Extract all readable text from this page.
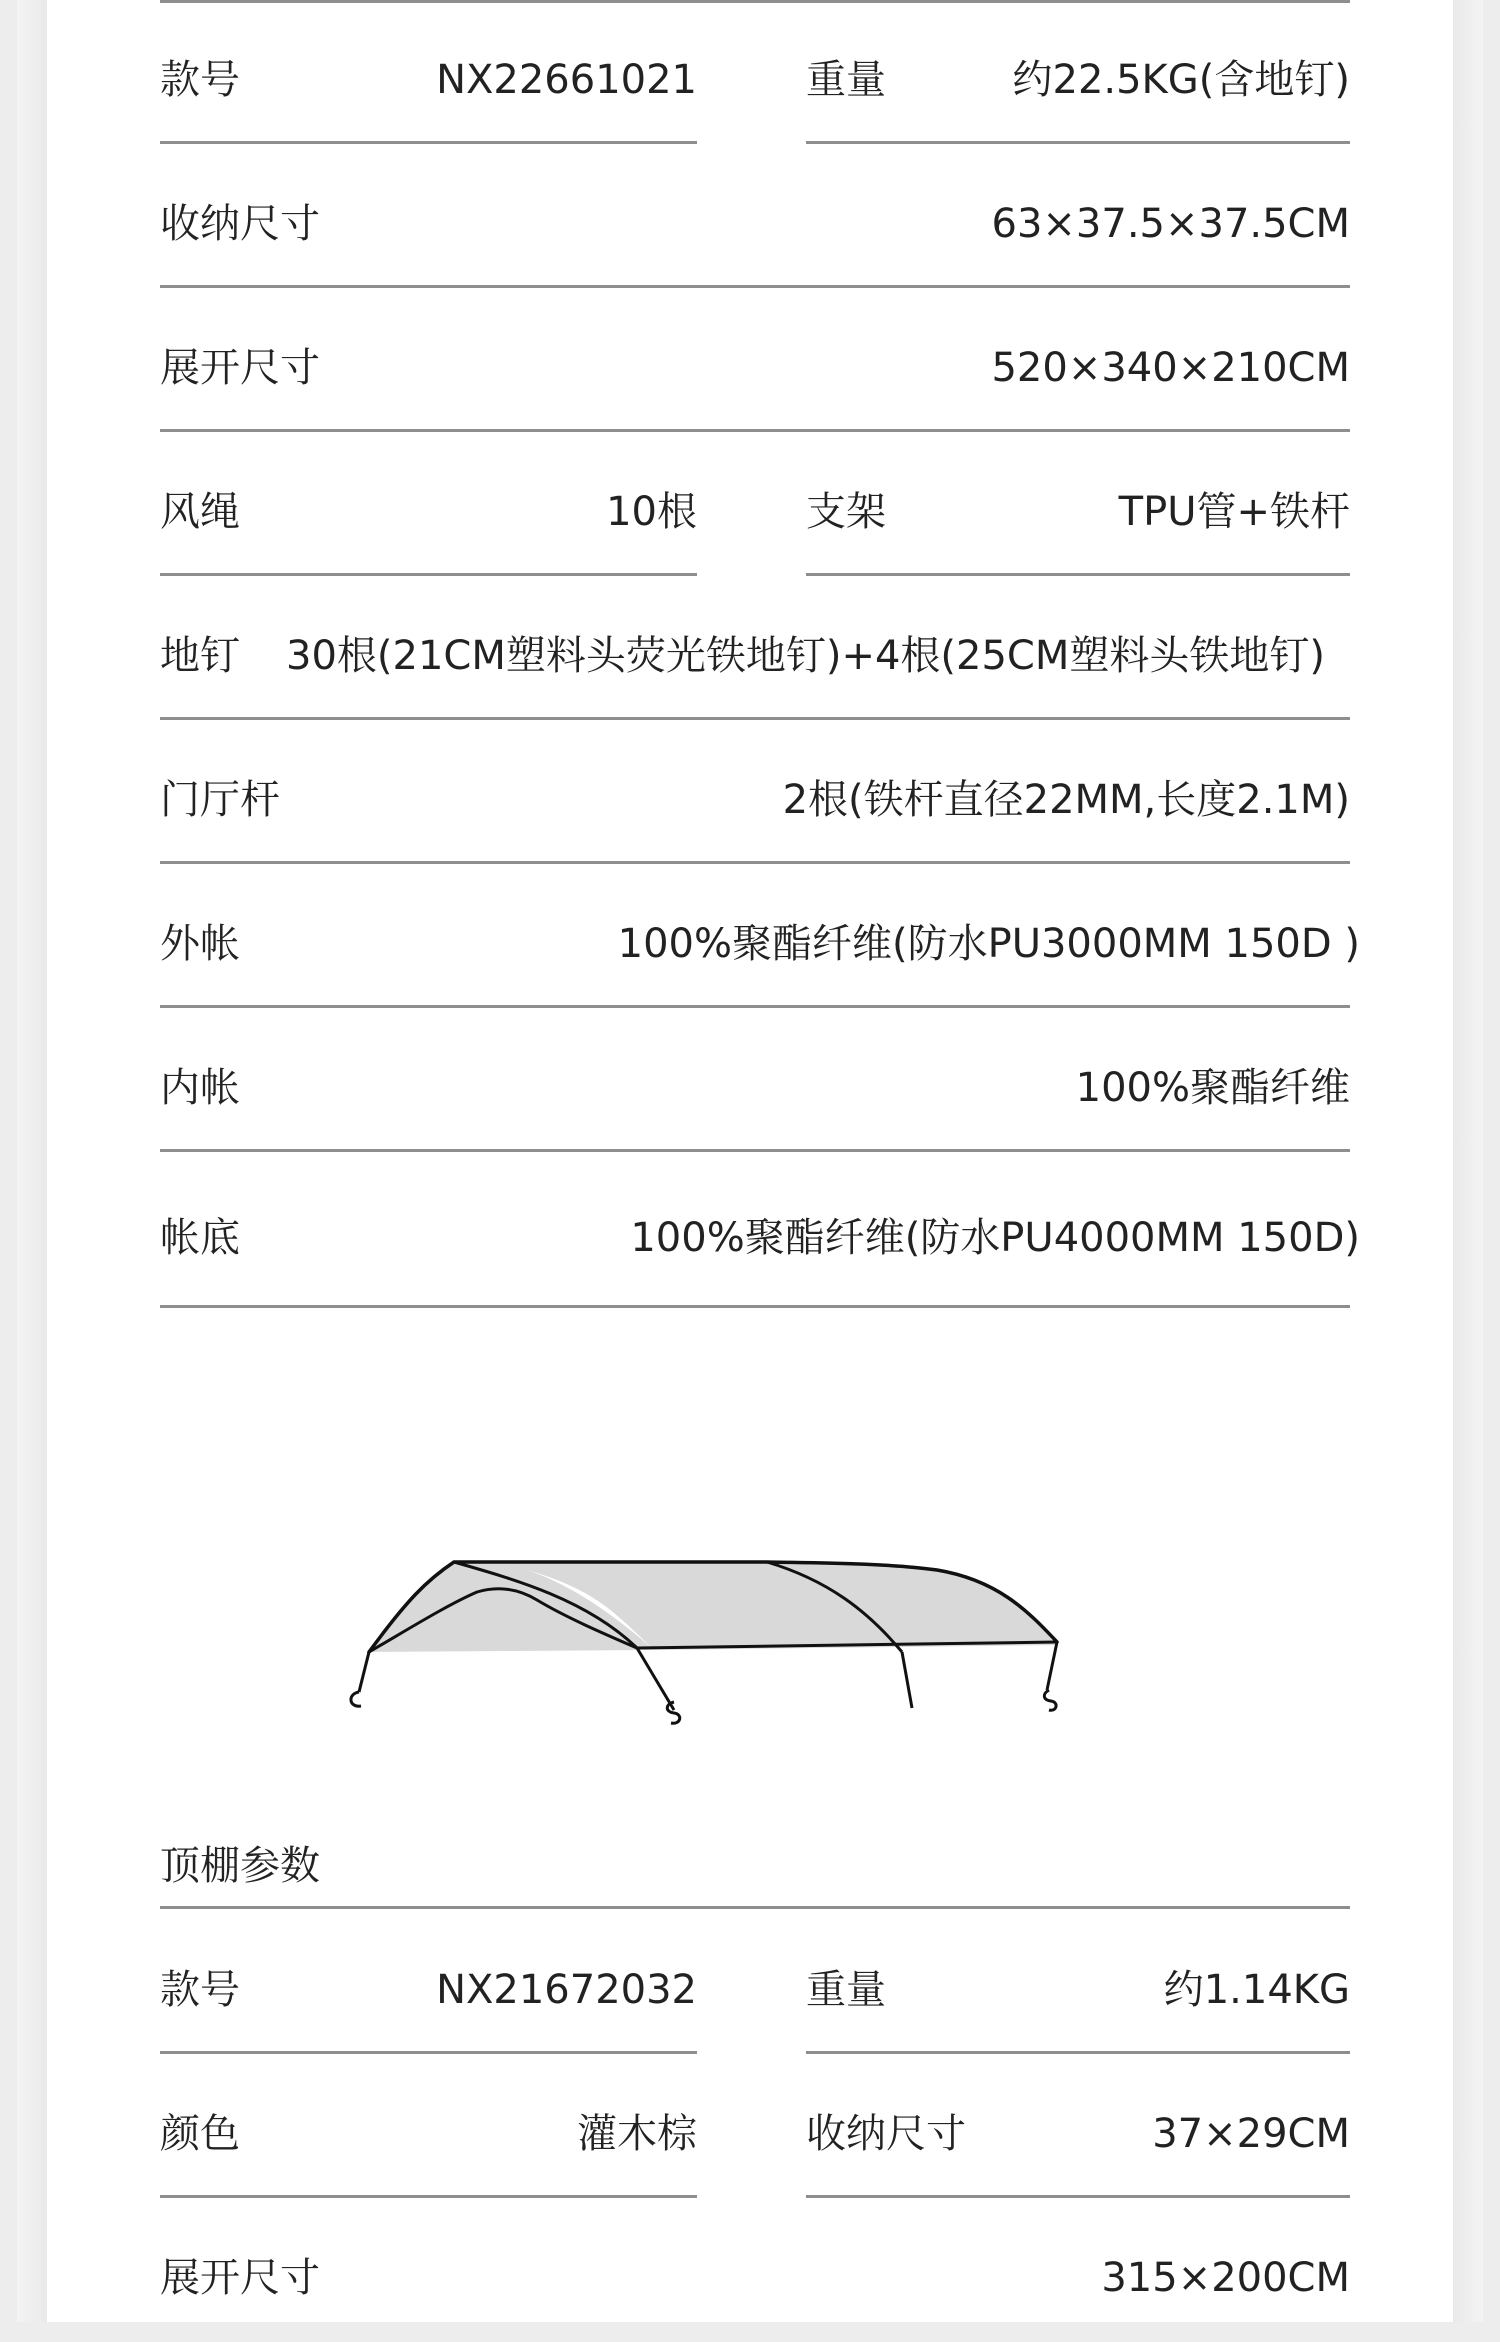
款号	NX22661021	重量	约22.5KG(含地钉)
收纳尺寸	63×37.5×37.5CM
展开尺寸	520×340×210CM
风绳	10根	支架	TPU管+铁杆
地钉 30根(21CM塑料头荧光铁地钉)+4根(25CM塑料头铁地钉)
门厅杆	2根(铁杆直径22MM,长度2.1M)
外帐	100%聚酯纤维(防水PU3000MM 150D )
内帐	100%聚酯纤维
帐底	100%聚酯纤维(防水PU4000MM 150D)
顶棚参数
款号	NX21672032	重量	约1.14KG
颜色	灌木棕	收纳尺寸	37×29CM
展开尺寸	315×200CM
